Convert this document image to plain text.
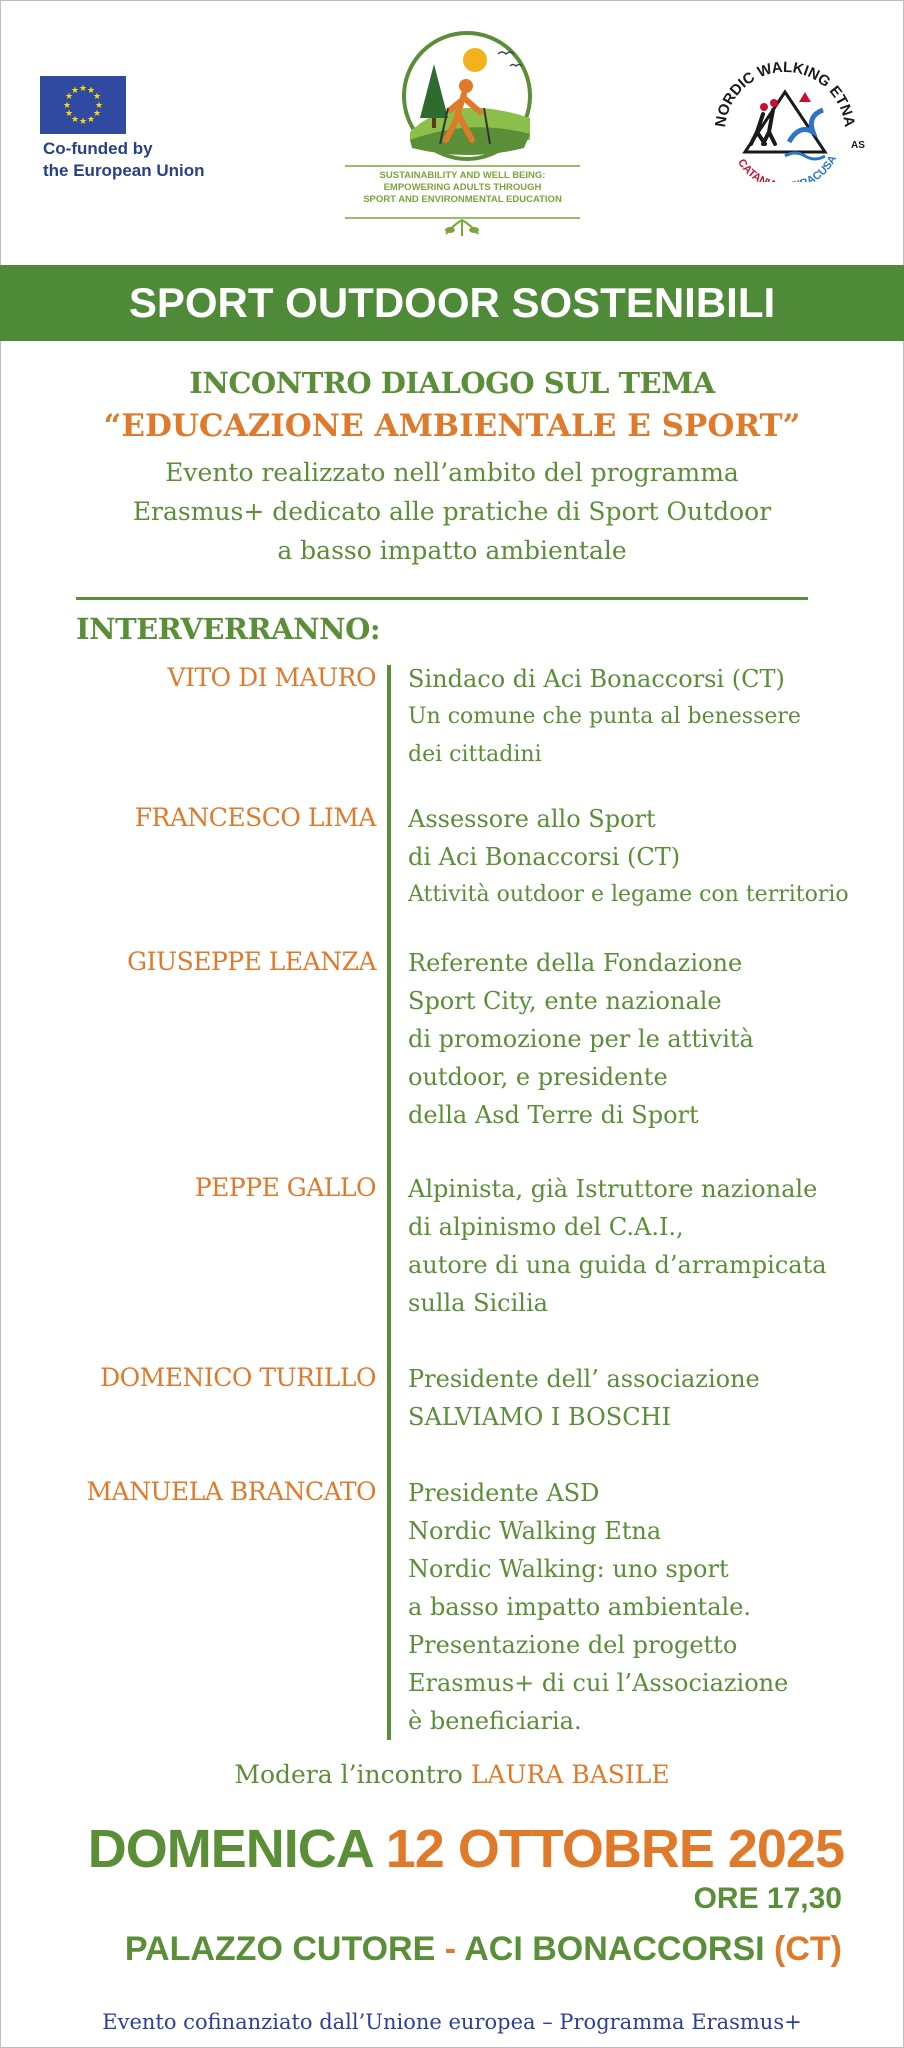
★ ★
★
★
★
★
★
★
★
★
★
★
Co-funded by
the European Union	SUSTAINABILITY AND WELL BEING:
EMPOWERING ADULTS THROUGH
SPORT AND ENVIRONMENTAL EDUCATION
NORDIC WALKING ETNA
AS
CATAN	ACUSA
SPORT OUTDOOR SOSTENIBILI
INCONTRO DIALOGO SUL TEMA
“EDUCAZIONE AMBIENTALE E SPORT”
Evento realizzato nell’ambito del programma
Erasmus+ dedicato alle pratiche di Sport Outdoor
a basso impatto ambientale
INTERVERRANNO:
VITO DI MAURO Sindaco di Aci Bonaccorsi (CT)
Un comune che punta al benessere
dei cittadini
FRANCESCO LIMA Assessore allo Sport
di Aci Bonaccorsi (CT)
Attività outdoor e legame con territorio
GIUSEPPE LEANZA Referente della Fondazione
Sport City, ente nazionale
di promozione per le attività
outdoor, e presidente
della Asd Terre di Sport
PEPPE GALLO Alpinista, già Istruttore nazionale
di alpinismo del C.A.I.,
autore di una guida d’arrampicata
sulla Sicilia
DOMENICO TURILLO Presidente dell’ associazione
SALVIAMO I BOSCHI
MANUELA BRANCATO Presidente ASD
Nordic Walking Etna
Nordic Walking: uno sport
a basso impatto ambientale.
Presentazione del progetto
Erasmus+ di cui l’Associazione
è beneficiaria.
Modera l’incontro LAURA BASILE
DOMENICA 12 OTTOBRE 2025
ORE 17,30
PALAZZO CUTORE - ACI BONACCORSI (CT)
Evento cofinanziato dall’Unione europea – Programma Erasmus+
